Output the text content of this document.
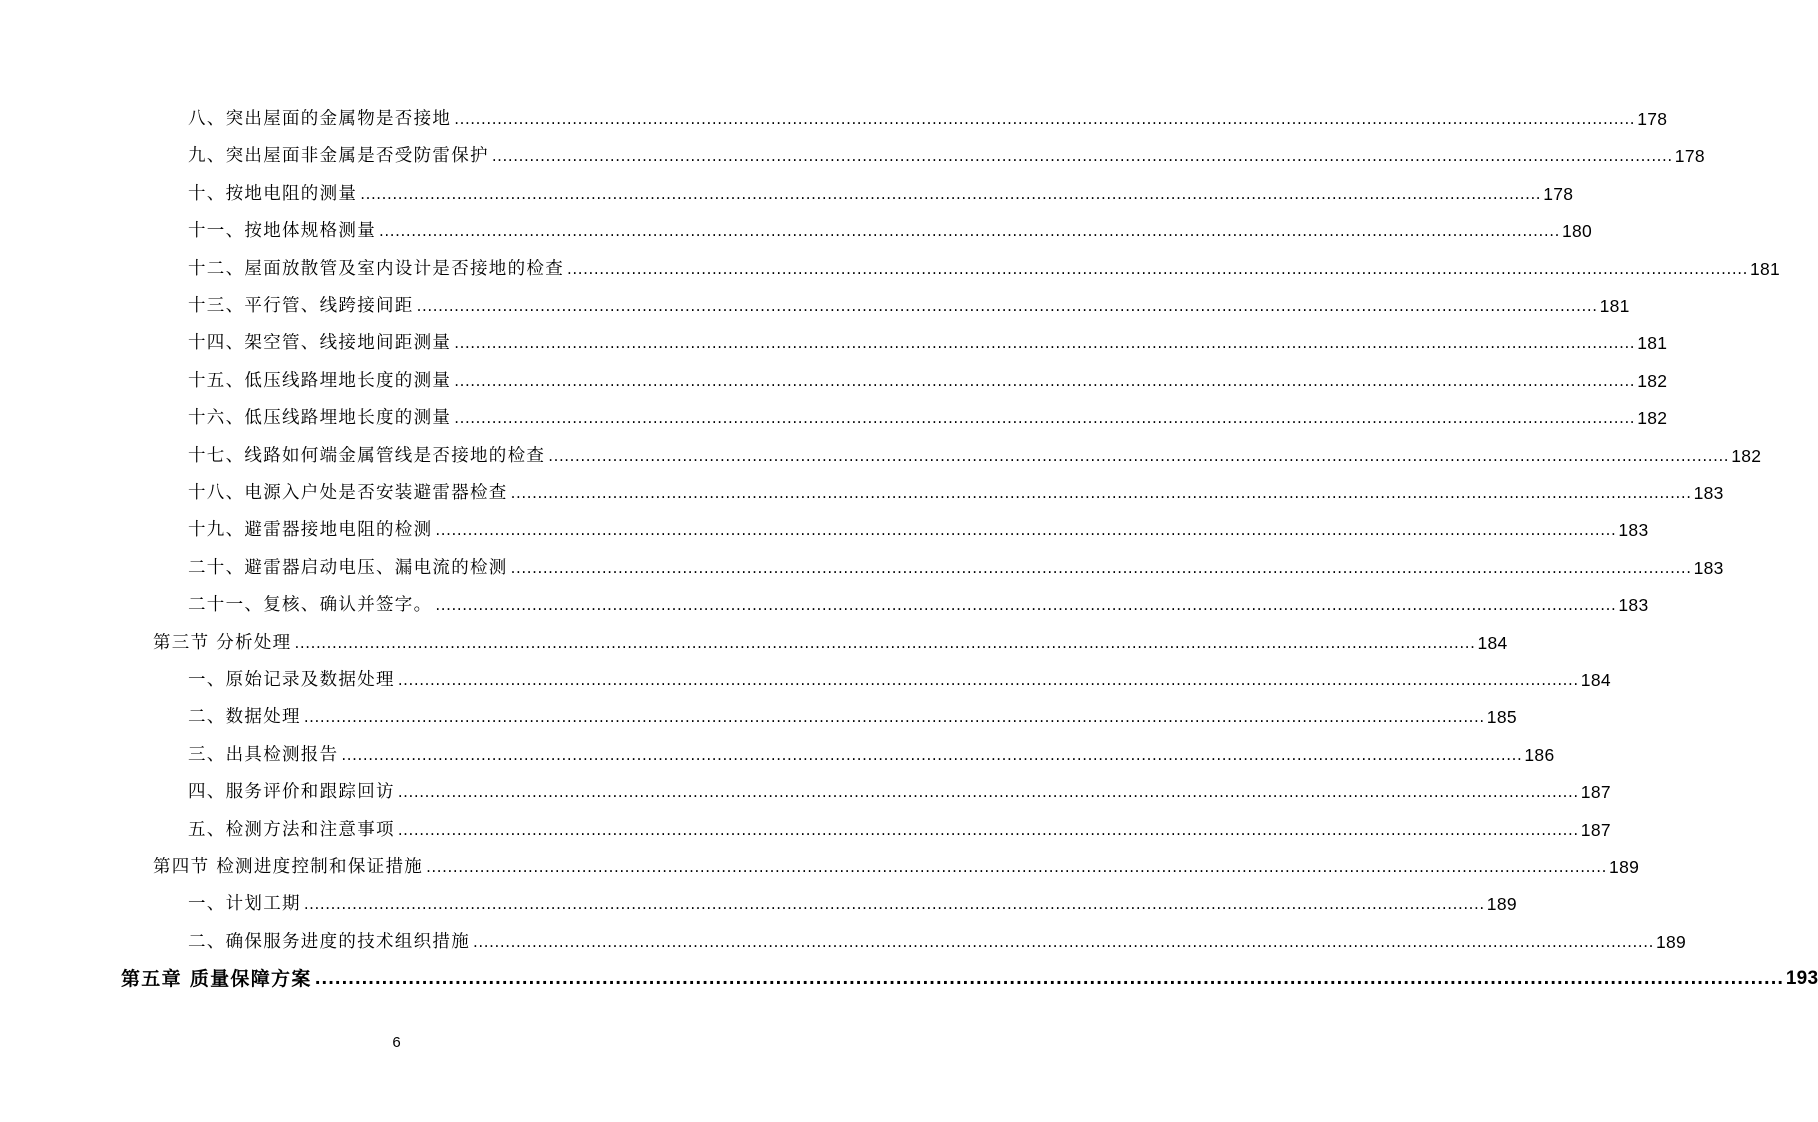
八、突出屋面的金属物是否接地 ............................................................................................................................................................................................................................ 178
九、突出屋面非金属是否受防雷保护 ............................................................................................................................................................................................................................ 178
十、按地电阻的测量 ............................................................................................................................................................................................................................ 178
十一、按地体规格测量 ............................................................................................................................................................................................................................ 180
十二、屋面放散管及室内设计是否接地的检查 ............................................................................................................................................................................................................................ 181
十三、平行管、线跨接间距 ............................................................................................................................................................................................................................ 181
十四、架空管、线接地间距测量 ............................................................................................................................................................................................................................ 181
十五、低压线路埋地长度的测量 ............................................................................................................................................................................................................................ 182
十六、低压线路埋地长度的测量 ............................................................................................................................................................................................................................ 182
十七、线路如何端金属管线是否接地的检查 ............................................................................................................................................................................................................................ 182
十八、电源入户处是否安装避雷器检查 ............................................................................................................................................................................................................................ 183
十九、避雷器接地电阻的检测 ............................................................................................................................................................................................................................ 183
二十、避雷器启动电压、漏电流的检测 ............................................................................................................................................................................................................................ 183
二十一、复核、确认并签字。 ............................................................................................................................................................................................................................ 183
第三节 分析处理 ............................................................................................................................................................................................................................ 184
一、原始记录及数据处理 ............................................................................................................................................................................................................................ 184
二、数据处理 ............................................................................................................................................................................................................................ 185
三、出具检测报告 ............................................................................................................................................................................................................................ 186
四、服务评价和跟踪回访 ............................................................................................................................................................................................................................ 187
五、检测方法和注意事项 ............................................................................................................................................................................................................................ 187
第四节 检测进度控制和保证措施 ............................................................................................................................................................................................................................ 189
一、计划工期 ............................................................................................................................................................................................................................ 189
二、确保服务进度的技术组织措施 ............................................................................................................................................................................................................................ 189
第五章 质量保障方案 ............................................................................................................................................................................................................................ 193
6
